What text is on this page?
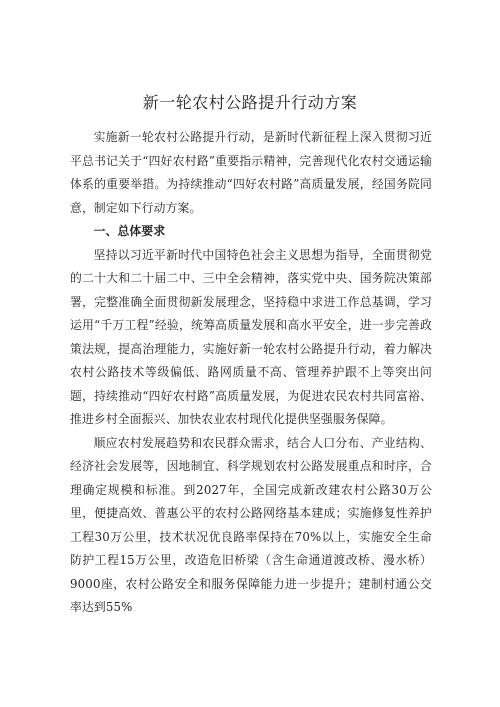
新一轮农村公路提升行动方案

实施新一轮农村公路提升行动，是新时代新征程上深入贯彻习近平总书记关于“四好农村路”重要指示精神，完善现代化农村交通运输体系的重要举措。为持续推动“四好农村路”高质量发展，经国务院同意，制定如下行动方案。

一、总体要求

坚持以习近平新时代中国特色社会主义思想为指导，全面贯彻党的二十大和二十届二中、三中全会精神，落实党中央、国务院决策部署，完整准确全面贯彻新发展理念，坚持稳中求进工作总基调，学习运用“千万工程”经验，统筹高质量发展和高水平安全，进一步完善政策法规，提高治理能力，实施好新一轮农村公路提升行动，着力解决农村公路技术等级偏低、路网质量不高、管理养护跟不上等突出问题，持续推动“四好农村路”高质量发展，为促进农民农村共同富裕、推进乡村全面振兴、加快农业农村现代化提供坚强服务保障。

顺应农村发展趋势和农民群众需求，结合人口分布、产业结构、经济社会发展等，因地制宜、科学规划农村公路发展重点和时序，合理确定规模和标准。到2027年，全国完成新改建农村公路30万公里，便捷高效、普惠公平的农村公路网络基本建成；实施修复性养护工程30万公里，技术状况优良路率保持在70%以上，实施安全生命防护工程15万公里，改造危旧桥梁（含生命通道渡改桥、漫水桥）9000座，农村公路安全和服务保障能力进一步提升；建制村通公交率达到55%
